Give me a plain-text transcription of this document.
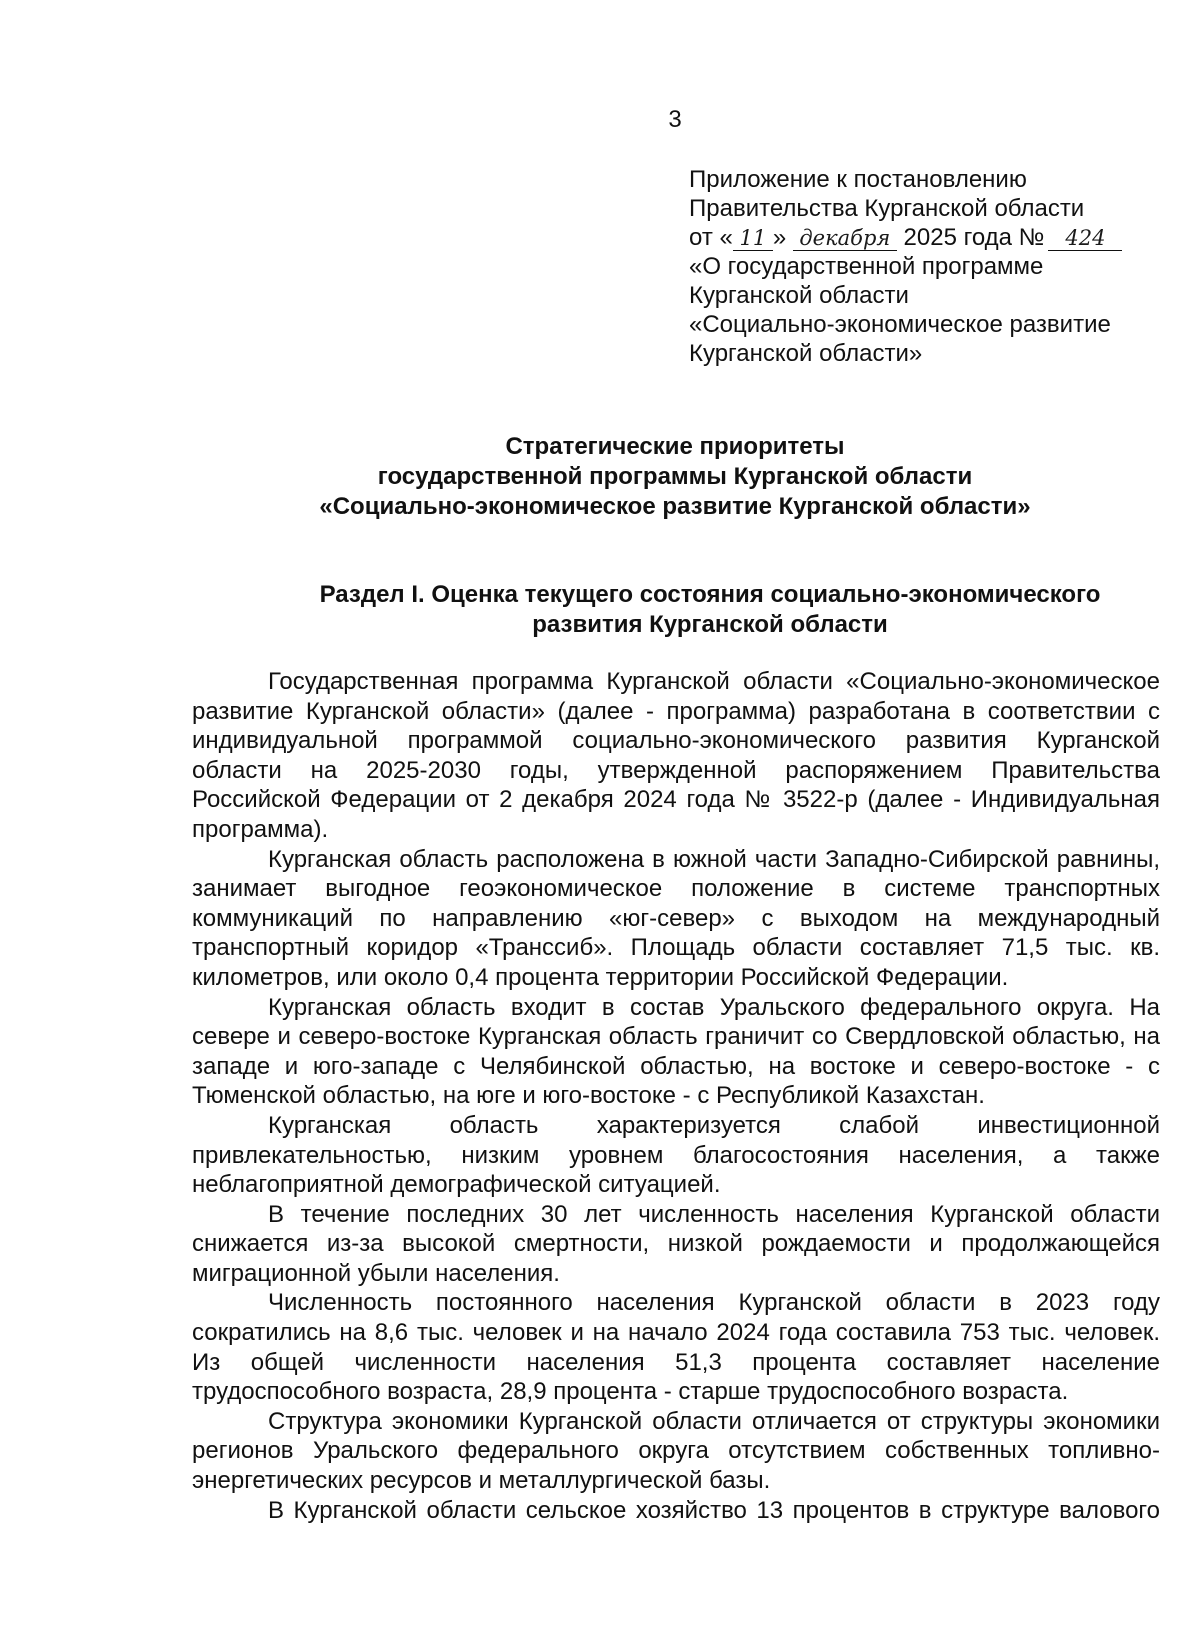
3
Приложение к постановлению
Правительства Курганской области
от « 11 » декабря 2025 года № 424
«О государственной программе
Курганской области
«Социально-экономическое развитие
Курганской области»
Стратегические приоритеты
государственной программы Курганской области
«Социально-экономическое развитие Курганской области»
Раздел I. Оценка текущего состояния социально-экономического
развития Курганской области

Государственная программа Курганской области «Социально-экономическое развитие Курганской области» (далее - программа) разработана в соответствии с индивидуальной программой социально-экономического развития Курганской области на 2025-2030 годы, утвержденной распоряжением Правительства Российской Федерации от 2 декабря 2024 года № 3522-р (далее - Индивидуальная программа).

Курганская область расположена в южной части Западно-Сибирской равнины, занимает выгодное геоэкономическое положение в системе транспортных коммуникаций по направлению «юг-север» с выходом на международный транспортный коридор «Транссиб». Площадь области составляет 71,5 тыс. кв. километров, или около 0,4 процента территории Российской Федерации.

Курганская область входит в состав Уральского федерального округа. На севере и северо-востоке Курганская область граничит со Свердловской областью, на западе и юго-западе с Челябинской областью, на востоке и северо-востоке - с Тюменской областью, на юге и юго-востоке - с Республикой Казахстан.

Курганская область характеризуется слабой инвестиционной привлекательностью, низким уровнем благосостояния населения, а также неблагоприятной демографической ситуацией.

В течение последних 30 лет численность населения Курганской области снижается из-за высокой смертности, низкой рождаемости и продолжающейся миграционной убыли населения.

Численность постоянного населения Курганской области в 2023 году сократились на 8,6 тыс. человек и на начало 2024 года составила 753 тыс. человек. Из общей численности населения 51,3 процента составляет население трудоспособного возраста, 28,9 процента - старше трудоспособного возраста.

Структура экономики Курганской области отличается от структуры экономики регионов Уральского федерального округа отсутствием собственных топливно-энергетических ресурсов и металлургической базы.

В Курганской области сельское хозяйство 13 процентов в структуре валового
